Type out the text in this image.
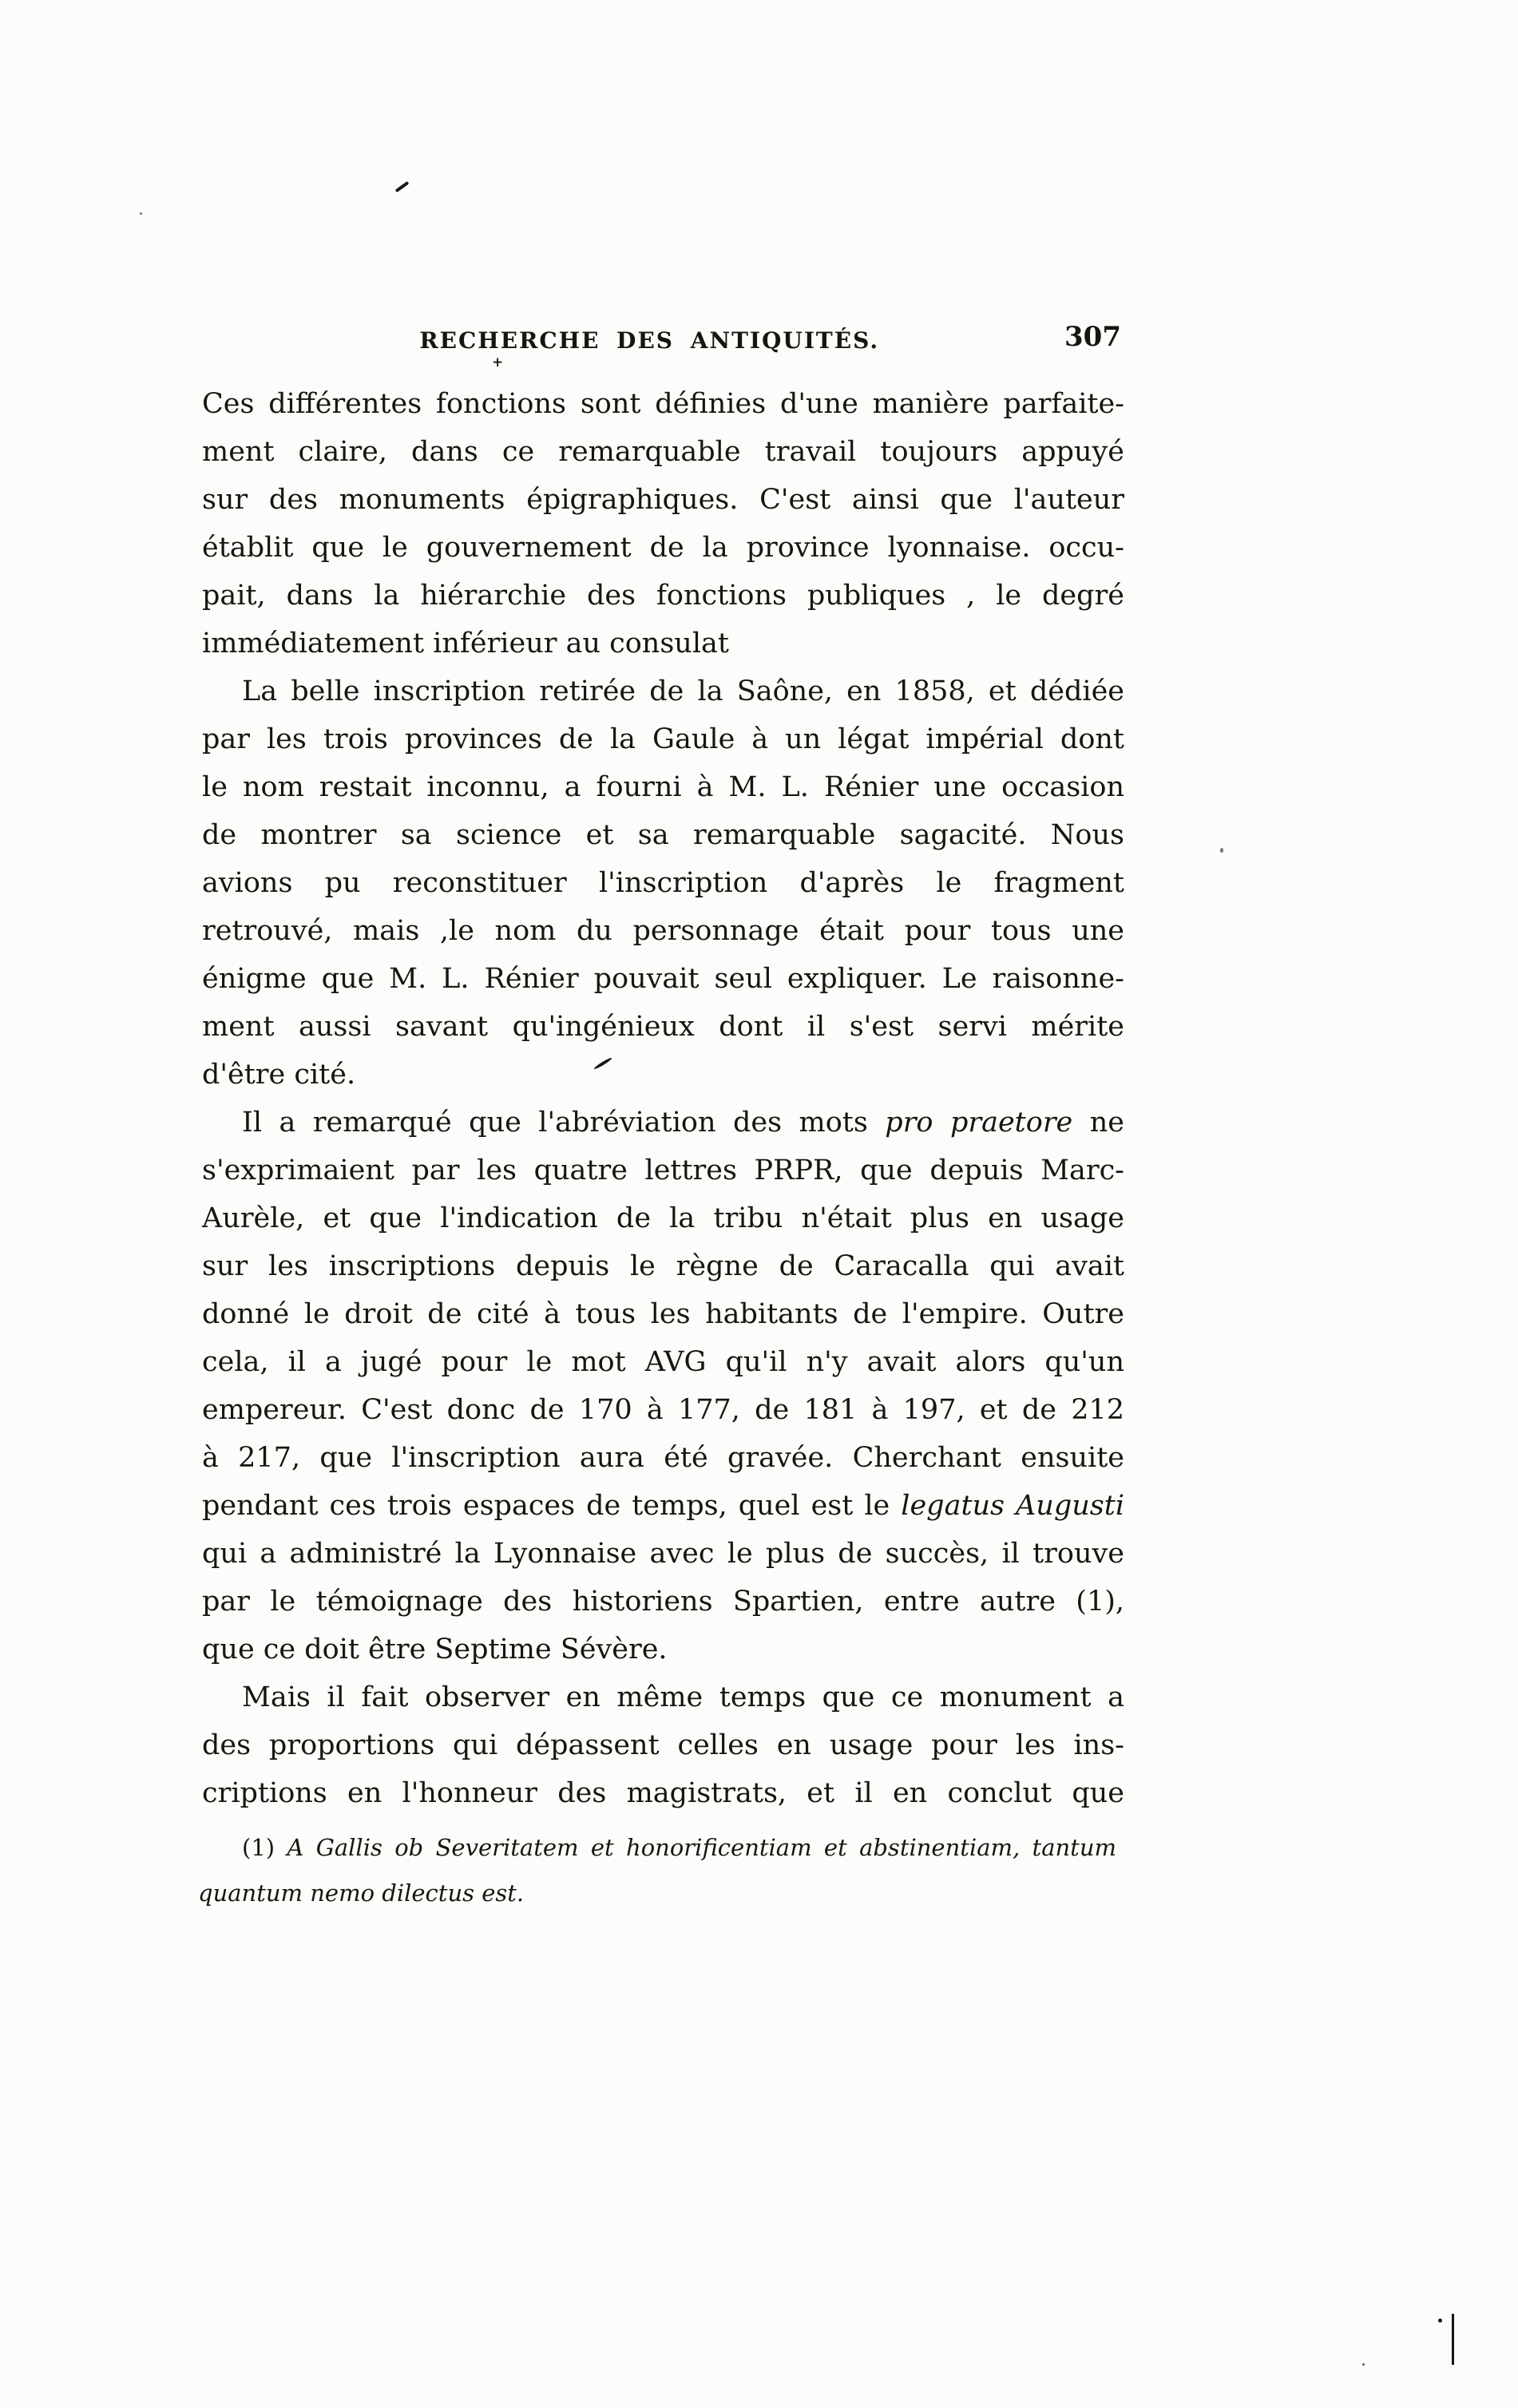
RECHERCHE DES ANTIQUITÉS.	307
Ces différentes fonctions sont définies d'une manière parfaite-
ment claire, dans ce remarquable travail toujours appuyé
sur des monuments épigraphiques. C'est ainsi que l'auteur
établit que le gouvernement de la province lyonnaise. occu-
pait, dans la hiérarchie des fonctions publiques , le degré
immédiatement inférieur au consulat
La belle inscription retirée de la Saône, en 1858, et dédiée
par les trois provinces de la Gaule à un légat impérial dont
le nom restait inconnu, a fourni à M. L. Rénier une occasion
de montrer sa science et sa remarquable sagacité. Nous
avions pu reconstituer l'inscription d'après le fragment
retrouvé, mais ,le nom du personnage était pour tous une
énigme que M. L. Rénier pouvait seul expliquer. Le raisonne-
ment aussi savant qu'ingénieux dont il s'est servi mérite
d'être cité.
Il a remarqué que l'abréviation des mots pro praetore ne
s'exprimaient par les quatre lettres PRPR, que depuis Marc-
Aurèle, et que l'indication de la tribu n'était plus en usage
sur les inscriptions depuis le règne de Caracalla qui avait
donné le droit de cité à tous les habitants de l'empire. Outre
cela, il a jugé pour le mot AVG qu'il n'y avait alors qu'un
empereur. C'est donc de 170 à 177, de 181 à 197, et de 212
à 217, que l'inscription aura été gravée. Cherchant ensuite
pendant ces trois espaces de temps, quel est le legatus Augusti
qui a administré la Lyonnaise avec le plus de succès, il trouve
par le témoignage des historiens Spartien, entre autre (1),
que ce doit être Septime Sévère.
Mais il fait observer en même temps que ce monument a
des proportions qui dépassent celles en usage pour les ins-
criptions en l'honneur des magistrats, et il en conclut que
(1) A Gallis ob Severitatem et honorificentiam et abstinentiam, tantum
quantum nemo dilectus est.
+
